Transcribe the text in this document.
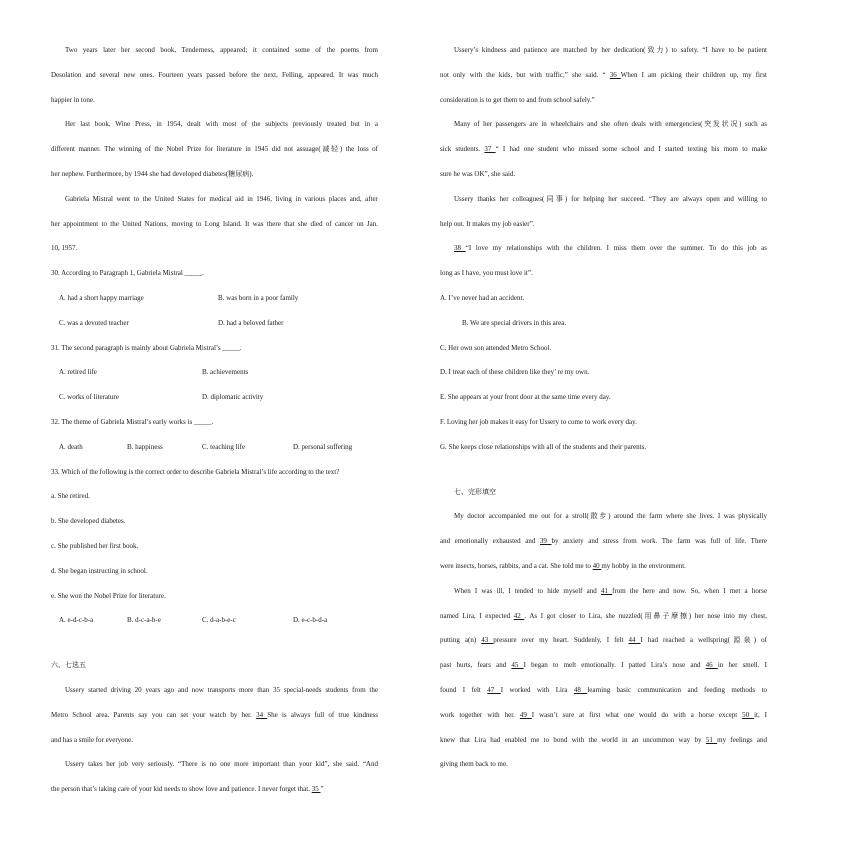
Two years later her second book, Tenderness, appeared; it contained some of the poems from
Desolation and several new ones. Fourteen years passed before the next, Felling, appeared. It was much
happier in tone.
Her last book, Wine Press, in 1954, dealt with most of the subjects previously treated but in a
different manner. The winning of the Nobel Prize for literature in 1945 did not assuage(减轻) the loss of
her nephew. Furthermore, by 1944 she had developed diabetes(糖尿病).
Gabriela Mistral went to the United States for medical aid in 1946, living in various places and, after
her appointment to the United Nations, moving to Long Island. It was there that she died of cancer on Jan.
10, 1957.
30. According to Paragraph 1, Gabriela Mistral _____.
A. had a short happy marriage	B. was born in a poor family
C. was a devoted teacher	D. had a beloved father
31. The second paragraph is mainly about Gabriela Mistral’s _____.
A. retired life	B. achievements
C. works of literature	D. diplomatic activity
32. The theme of Gabriela Mistral’s early works is _____.
A. death	B. happiness	C. teaching life	D. personal suffering
33. Which of the following is the correct order to describe Gabriela Mistral’s life according to the text?
a. She retired.
b. She developed diabetes.
c. She published her first book.
d. She began instructing in school.
e. She won the Nobel Prize for literature.
A. e-d-c-b-a	B. d-c-a-b-e	C. d-a-b-e-c	D. e-c-b-d-a
六、七选五
Ussery started driving 20 years ago and now transports more than 35 special-needs students from the
Metro School area. Parents say you can set your watch by her. 34 She is always full of true kindness
and has a smile for everyone.
Ussery takes her job very seriously. “There is no one more important than your kid”, she said. “And
the person that’s taking care of your kid needs to show love and patience. I never forget that. 35 ”
Ussery’s kindness and patience are matched by her dedication(致力) to safety. “I have to be patient
not only with the kids, but with traffic,” she said. “ 36 When I am picking their children up, my first
consideration is to get them to and from school safely.”
Many of her passengers are in wheelchairs and she often deals with emergencies(突发状况) such as
sick students. 37 “ I had one student who missed some school and I started texting his mom to make
sure he was OK”, she said.
Ussery thanks her colleagues(同事) for helping her succeed. “They are always open and willing to
help out. It makes my job easier”.
38 “I love my relationships with the children. I miss them over the summer. To do this job as
long as I have, you must love it”.
A. I’ve never had an accident.
B. We are special drivers in this area.
C. Her own son attended Metro School.
D. I treat each of these children like they’ re my own.
E. She appears at your front door at the same time every day.
F. Loving her job makes it easy for Ussery to come to work every day.
G. She keeps close relationships with all of the students and their parents.
七、完形填空
My doctor accompanied me out for a stroll(散步) around the farm where she lives. I was physically
and emotionally exhausted and 39 by anxiety and stress from work. The farm was full of life. There
were insects, horses, rabbits, and a cat. She told me to 40 my hobby in the environment.
When I was ill, I tended to hide myself and 41 from the here and now. So, when I met a horse
named Lira, I expected 42 . As I got closer to Lira, she nuzzled(用鼻子摩擦) her nose into my chest,
putting a(n) 43 pressure over my heart. Suddenly, I felt 44 I had reached a wellspring(源泉) of
past hurts, fears and 45 I began to melt emotionally. I patted Lira’s nose and 46 in her smell. I
found I felt 47 I worked with Lira 48 learning basic communication and feeding methods to
work together with her. 49 I wasn’t sure at first what one would do with a horse except 50 it, I
knew that Lira had enabled me to bond with the world in an uncommon way by 51 my feelings and
giving them back to me.
